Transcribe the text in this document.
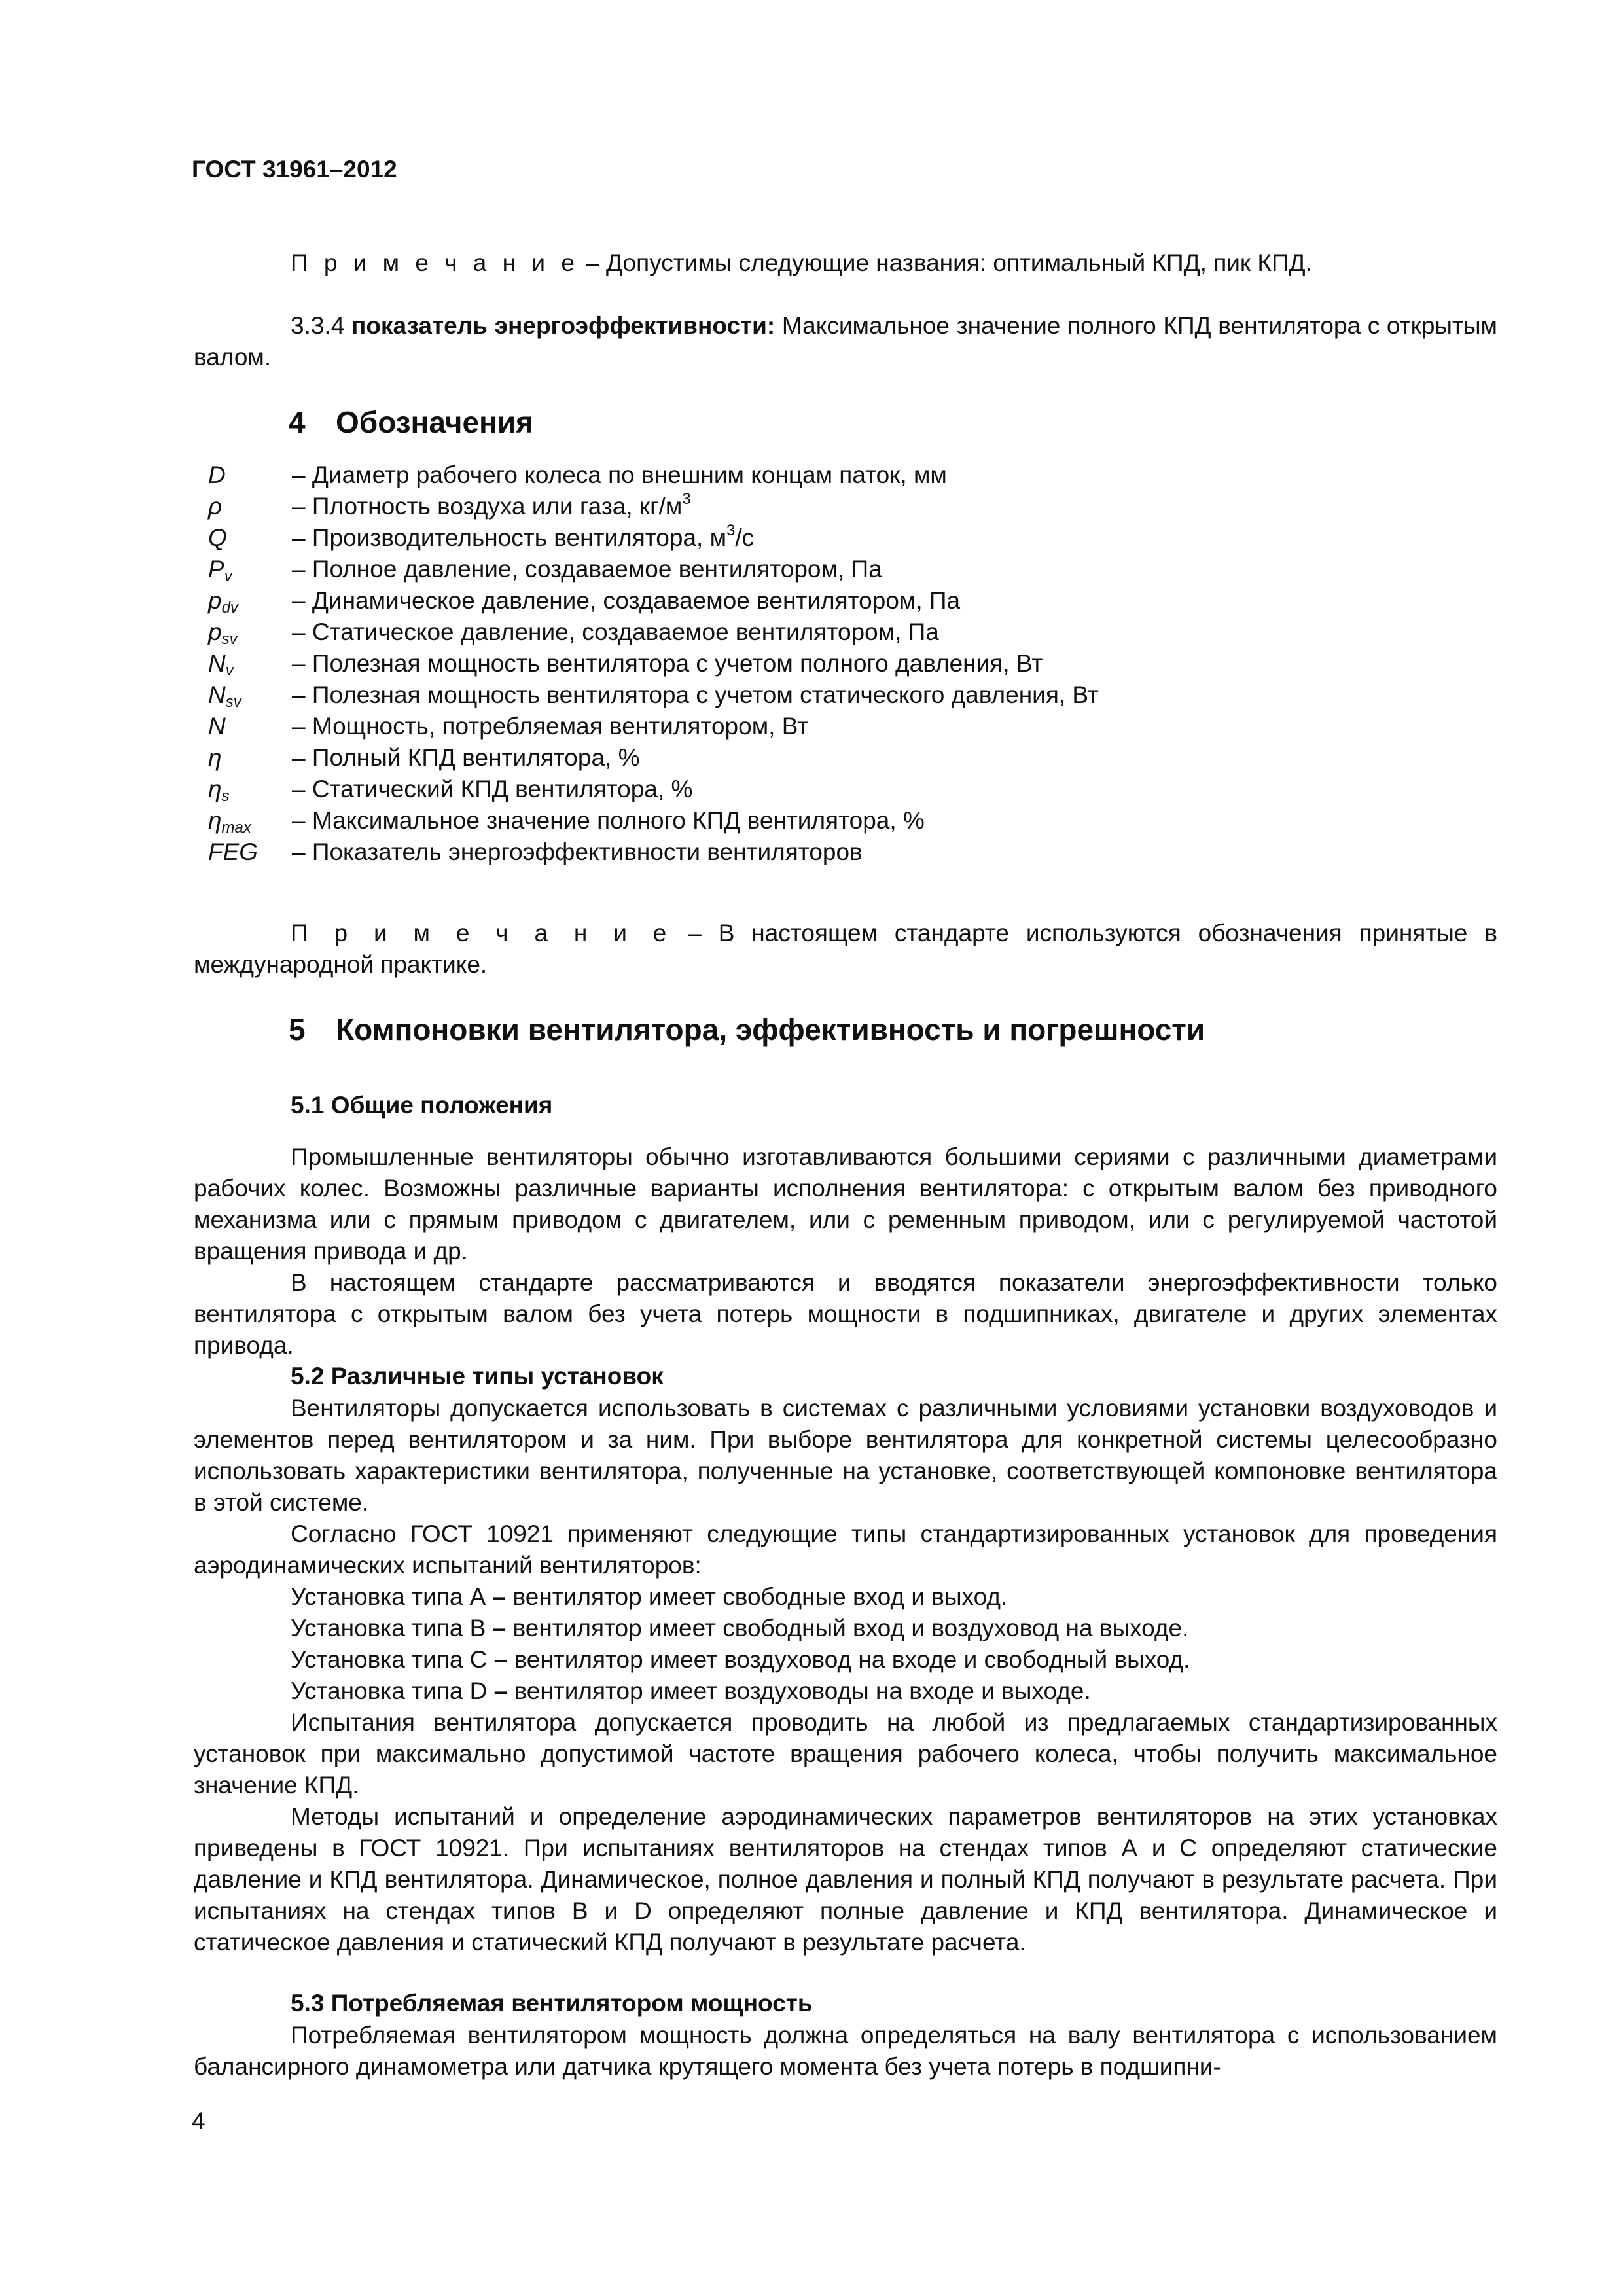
ГОСТ 31961–2012

П р и м е ч а н и е – Допустимы следующие названия: оптимальный КПД, пик КПД.

3.3.4 показатель энергоэффективности: Максимальное значение полного КПД вентилятора с открытым валом.

4 Обозначения
D	– Диаметр рабочего колеса по внешним концам паток, мм
ρ	– Плотность воздуха или газа, $кг/м^3$
Q	– Производительность вентилятора, $м^3/с$
$P_v$ – Полное давление, создаваемое вентилятором, Па
$p_{dv}$ – Динамическое давление, создаваемое вентилятором, Па
$p_{sv}$ – Статическое давление, создаваемое вентилятором, Па
$N_v$ – Полезная мощность вентилятора с учетом полного давления, Вт
$N_{sv}$ – Полезная мощность вентилятора с учетом статического давления, Вт
N	– Мощность, потребляемая вентилятором, Вт
η	– Полный КПД вентилятора, %
$\eta_s$	– Статический КПД вентилятора, %
$\eta_{max}$ – Максимальное значение полного КПД вентилятора, %
FEG – Показатель энергоэффективности вентиляторов

П р и м е ч а н и е – В настоящем стандарте используются обозначения принятые в международной практике.

5 Компоновки вентилятора, эффективность и погрешности
5.1 Общие положения

Промышленные вентиляторы обычно изготавливаются большими сериями с различными диаметрами рабочих колес. Возможны различные варианты исполнения вентилятора: с открытым валом без приводного механизма или с прямым приводом с двигателем, или с ременным приводом, или с регулируемой частотой вращения привода и др.

В настоящем стандарте рассматриваются и вводятся показатели энергоэффективности только вентилятора с открытым валом без учета потерь мощности в подшипниках, двигателе и других элементах привода.

5.2 Различные типы установок

Вентиляторы допускается использовать в системах с различными условиями установки воздуховодов и элементов перед вентилятором и за ним. При выборе вентилятора для конкретной системы целесообразно использовать характеристики вентилятора, полученные на установке, соответствующей компоновке вентилятора в этой системе.

Согласно ГОСТ 10921 применяют следующие типы стандартизированных установок для проведения аэродинамических испытаний вентиляторов:

Установка типа А – вентилятор имеет свободные вход и выход.
Установка типа В – вентилятор имеет свободный вход и воздуховод на выходе.
Установка типа С – вентилятор имеет воздуховод на входе и свободный выход.
Установка типа D – вентилятор имеет воздуховоды на входе и выходе.

Испытания вентилятора допускается проводить на любой из предлагаемых стандартизированных установок при максимально допустимой частоте вращения рабочего колеса, чтобы получить максимальное значение КПД.

Методы испытаний и определение аэродинамических параметров вентиляторов на этих установках приведены в ГОСТ 10921. При испытаниях вентиляторов на стендах типов А и С определяют статические давление и КПД вентилятора. Динамическое, полное давления и полный КПД получают в результате расчета. При испытаниях на стендах типов В и D определяют полные давление и КПД вентилятора. Динамическое и статическое давления и статический КПД получают в результате расчета.

5.3 Потребляемая вентилятором мощность

Потребляемая вентилятором мощность должна определяться на валу вентилятора с использованием балансирного динамометра или датчика крутящего момента без учета потерь в подшипни-

4
